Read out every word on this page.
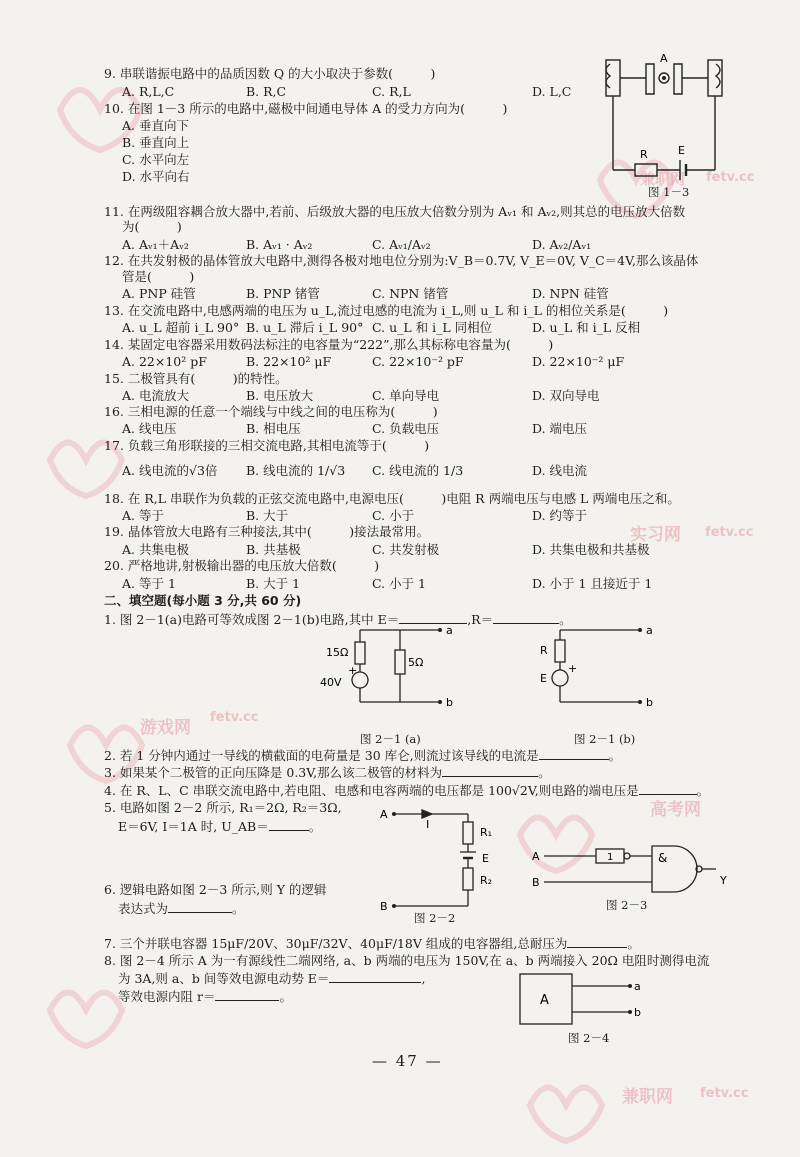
兼职网 fetv.cc
实习网 fetv.cc
游戏网
fetv.cc
高考网
兼职网 fetv.cc
9. 串联谐振电路中的品质因数 Q 的大小取决于参数(　　　)
A. R,L,C	B. R,C	C. R,L	D. L,C
10. 在图 1－3 所示的电路中,磁极中间通电导体 A 的受力方向为(　　　)
A. 垂直向下
B. 垂直向上
C. 水平向左
D. 水平向右
A
R	E
图 1－3
11. 在两级阻容耦合放大器中,若前、后级放大器的电压放大倍数分别为 Aᵥ₁ 和 Aᵥ₂,则其总的电压放大倍数
为(　　　)
A. Aᵥ₁＋Aᵥ₂	B. Aᵥ₁ · Aᵥ₂	C. Aᵥ₁/Aᵥ₂	D. Aᵥ₂/Aᵥ₁
12. 在共发射极的晶体管放大电路中,测得各极对地电位分别为:V_B＝0.7V, V_E＝0V, V_C＝4V,那么该晶体
管是(　　　)
A. PNP 硅管	B. PNP 锗管	C. NPN 锗管	D. NPN 硅管
13. 在交流电路中,电感两端的电压为 u_L,流过电感的电流为 i_L,则 u_L 和 i_L 的相位关系是(　　　)
A. u_L 超前 i_L 90° B. u_L 滞后 i_L 90° C. u_L 和 i_L 同相位	D. u_L 和 i_L 反相
14. 某固定电容器采用数码法标注的电容量为“222”,那么其标称电容量为(　　　)
A. 22×10² pF	B. 22×10² μF	C. 22×10⁻² pF	D. 22×10⁻² μF
15. 二极管具有(　　　)的特性。
A. 电流放大	B. 电压放大	C. 单向导电	D. 双向导电
16. 三相电源的任意一个端线与中线之间的电压称为(　　　)
A. 线电压	B. 相电压	C. 负载电压	D. 端电压
17. 负载三角形联接的三相交流电路,其相电流等于(　　　)
A. 线电流的√3倍 B. 线电流的 1/√3 C. 线电流的 1/3	D. 线电流
18. 在 R,L 串联作为负载的正弦交流电路中,电源电压(　　　)电阻 R 两端电压与电感 L 两端电压之和。
A. 等于	B. 大于	C. 小于	D. 约等于
19. 晶体管放大电路有三种接法,其中(　　　)接法最常用。
A. 共集电极	B. 共基极	C. 共发射极	D. 共集电极和共基极
20. 严格地讲,射极输出器的电压放大倍数(　　　)
A. 等于 1	B. 大于 1	C. 小于 1	D. 小于 1 且接近于 1
二、填空题(每小题 3 分,共 60 分)
1. 图 2－1(a)电路可等效成图 2－1(b)电路,其中 E＝	,R＝	。
15Ω
5Ω
+
40V
a
b
图 2－1 (a)
R
+
E
a
b
图 2－1 (b)
2. 若 1 分钟内通过一导线的横截面的电荷量是 30 库仑,则流过该导线的电流是	。
3. 如果某个二极管的正向压降是 0.3V,那么该二极管的材料为	。
4. 在 R、L、C 串联交流电路中,若电阻、电感和电容两端的电压都是 100√2V,则电路的端电压是	。
5. 电路如图 2－2 所示, R₁＝2Ω, R₂＝3Ω,
E＝6V, I＝1A 时, U_AB＝	。
A
B
I
R₁
E
R₂
图 2－2
A
B
1	&
Y
图 2－3
6. 逻辑电路如图 2－3 所示,则 Y 的逻辑
表达式为	。
7. 三个并联电容器 15μF/20V、30μF/32V、40μF/18V 组成的电容器组,总耐压为	。
8. 图 2－4 所示 A 为一有源线性二端网络, a、b 两端的电压为 150V,在 a、b 两端接入 20Ω 电阻时测得电流
为 3A,则 a、b 间等效电源电动势 E＝	,
等效电源内阻 r＝	。	A
a
b
图 2－4
— 47 —
